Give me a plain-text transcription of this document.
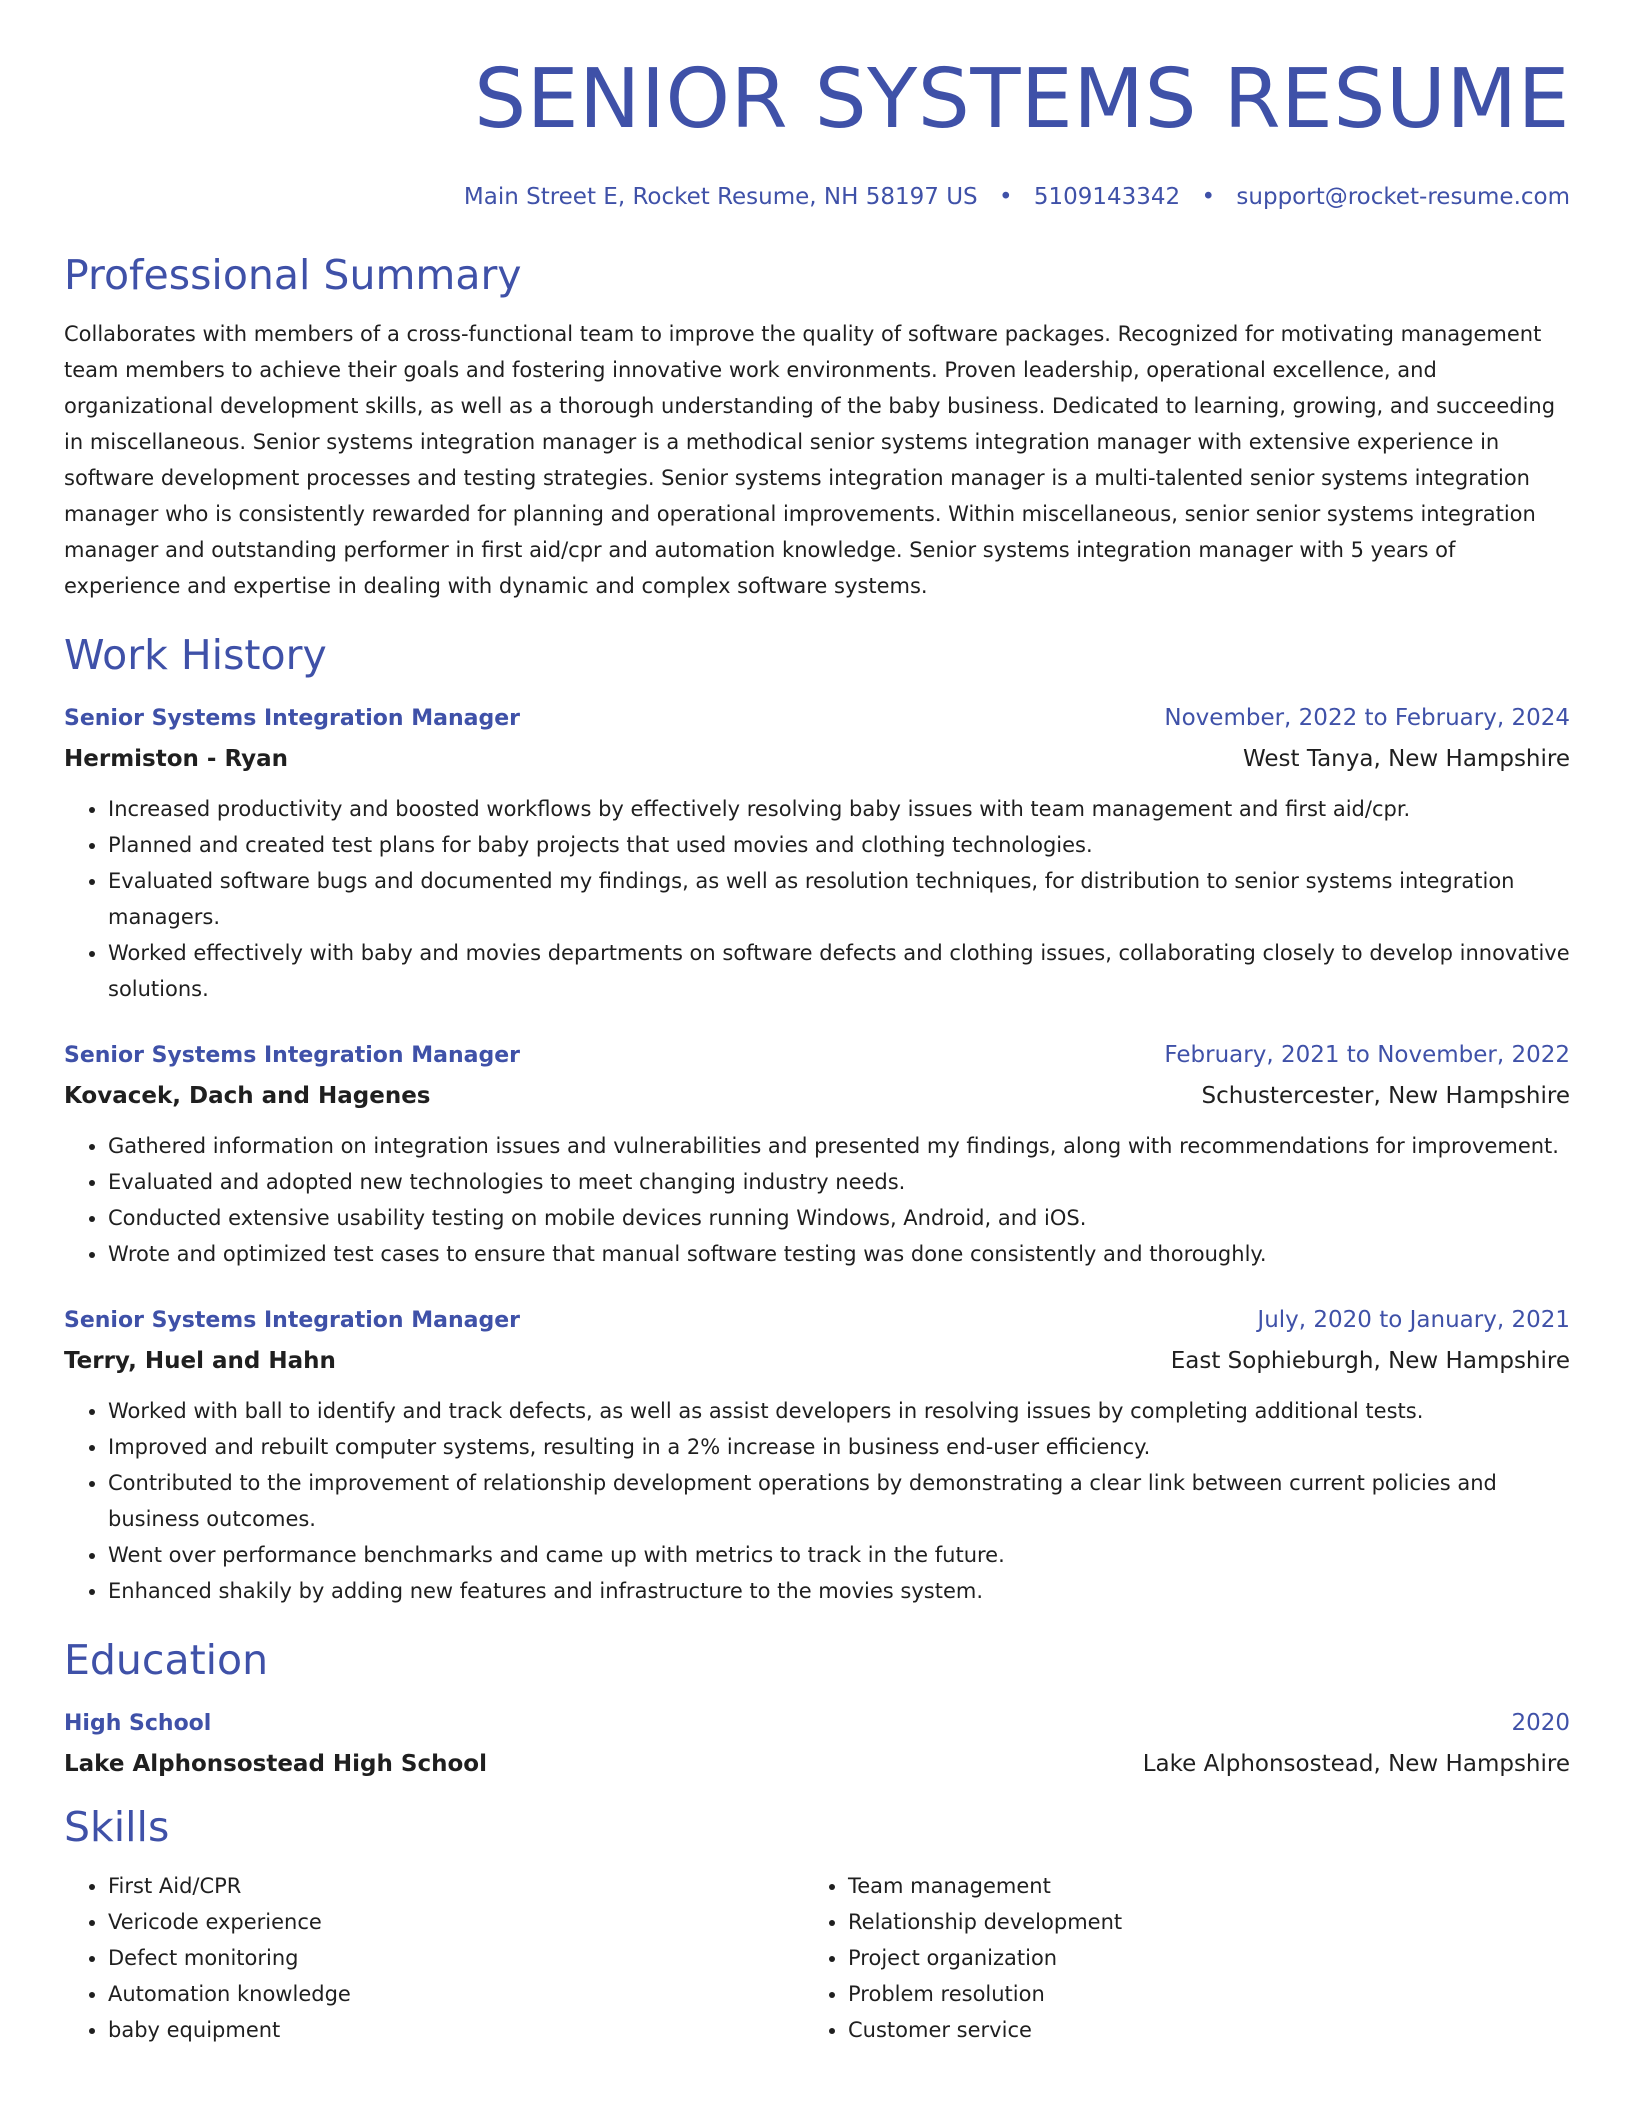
SENIOR SYSTEMS RESUME
Main Street E, Rocket Resume, NH 58197 US • 5109143342 • support@rocket-resume.com
Professional Summary
Collaborates with members of a cross-functional team to improve the quality of software packages. Recognized for motivating management team members to achieve their goals and fostering innovative work environments. Proven leadership, operational excellence, and organizational development skills, as well as a thorough understanding of the baby business. Dedicated to learning, growing, and succeeding in miscellaneous. Senior systems integration manager is a methodical senior systems integration manager with extensive experience in software development processes and testing strategies. Senior systems integration manager is a multi-talented senior systems integration manager who is consistently rewarded for planning and operational improvements. Within miscellaneous, senior senior systems integration manager and outstanding performer in first aid/cpr and automation knowledge. Senior systems integration manager with 5 years of experience and expertise in dealing with dynamic and complex software systems.
Work History
Senior Systems Integration Manager	November, 2022 to February, 2024
Hermiston - Ryan	West Tanya, New Hampshire
• Increased productivity and boosted workflows by effectively resolving baby issues with team management and first aid/cpr.
• Planned and created test plans for baby projects that used movies and clothing technologies.
• Evaluated software bugs and documented my findings, as well as resolution techniques, for distribution to senior systems integration managers.
• Worked effectively with baby and movies departments on software defects and clothing issues, collaborating closely to develop innovative solutions.
Senior Systems Integration Manager	February, 2021 to November, 2022
Kovacek, Dach and Hagenes	Schustercester, New Hampshire
• Gathered information on integration issues and vulnerabilities and presented my findings, along with recommendations for improvement.
• Evaluated and adopted new technologies to meet changing industry needs.
• Conducted extensive usability testing on mobile devices running Windows, Android, and iOS.
• Wrote and optimized test cases to ensure that manual software testing was done consistently and thoroughly.
Senior Systems Integration Manager	July, 2020 to January, 2021
Terry, Huel and Hahn	East Sophieburgh, New Hampshire
• Worked with ball to identify and track defects, as well as assist developers in resolving issues by completing additional tests.
• Improved and rebuilt computer systems, resulting in a 2% increase in business end-user efficiency.
• Contributed to the improvement of relationship development operations by demonstrating a clear link between current policies and business outcomes.
• Went over performance benchmarks and came up with metrics to track in the future.
• Enhanced shakily by adding new features and infrastructure to the movies system.
Education
High School	2020
Lake Alphonsostead High School	Lake Alphonsostead, New Hampshire
Skills
• First Aid/CPR
• Vericode experience
• Defect monitoring
• Automation knowledge
• baby equipment
• Team management
• Relationship development
• Project organization
• Problem resolution
• Customer service
